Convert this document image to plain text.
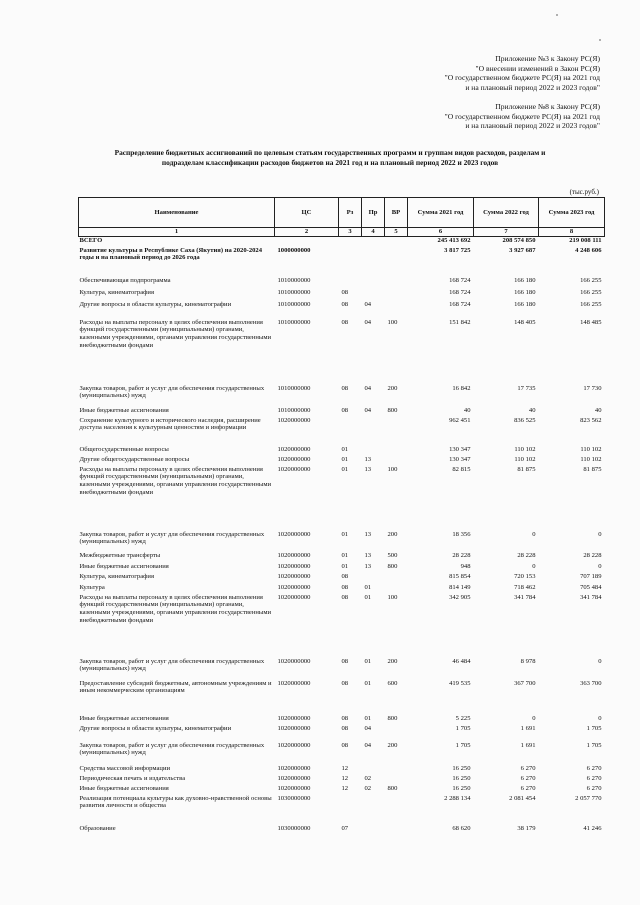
Приложение №3 к Закону РС(Я)
"О внесении изменений в Закон РС(Я)
"О государственном бюджете РС(Я) на 2021 год
и на плановый период 2022 и 2023 годов"
Приложение №8 к Закону РС(Я)
"О государственном бюджете РС(Я) на 2021 год
и на плановый период 2022 и 2023 годов"
Распределение бюджетных ассигнований по целевым статьям государственных программ и группам видов расходов, разделам и
подразделам классификации расходов бюджетов на 2021 год и на плановый период 2022 и 2023 годов
(тыс.руб.)
Наименование	ЦС	Рз	Пр	ВР	Сумма 2021 год	Сумма 2022 год	Сумма 2023 год
1	2	3	4	5	6	7	8
ВСЕГО					245 413 692	208 574 850	219 008 111
Развитие культуры в Республике Саха (Якутия) на 2020-2024 годы и на плановый период до 2026 года	1000000000				3 817 725	3 927 687	4 248 606
Обеспечивающая подпрограмма	1010000000				168 724	166 180	166 255
Культура, кинематография	1010000000	08			168 724	166 180	166 255
Другие вопросы в области культуры, кинематографии	1010000000	08	04		168 724	166 180	166 255
Расходы на выплаты персоналу в целях обеспечения выполнения функций государственными (муниципальными) органами, казенными учреждениями, органами управления государственными внебюджетными фондами	1010000000	08	04	100	151 842	148 405	148 485
Закупка товаров, работ и услуг для обеспечения государственных (муниципальных) нужд	1010000000	08	04	200	16 842	17 735	17 730
Иные бюджетные ассигнования	1010000000	08	04	800	40	40	40
Сохранение культурного и исторического наследия, расширение доступа населения к культурным ценностям и информации	1020000000				962 451	836 525	823 562
Общегосударственные вопросы	1020000000	01			130 347	110 102	110 102
Другие общегосударственные вопросы	1020000000	01	13		130 347	110 102	110 102
Расходы на выплаты персоналу в целях обеспечения выполнения функций государственными (муниципальными) органами, казенными учреждениями, органами управления государственными внебюджетными фондами	1020000000	01	13	100	82 815	81 875	81 875
Закупка товаров, работ и услуг для обеспечения государственных (муниципальных) нужд	1020000000	01	13	200	18 356	0	0
Межбюджетные трансферты	1020000000	01	13	500	28 228	28 228	28 228
Иные бюджетные ассигнования	1020000000	01	13	800	948	0	0
Культура, кинематография	1020000000	08			815 854	720 153	707 189
Культура	1020000000	08	01		814 149	718 462	705 484
Расходы на выплаты персоналу в целях обеспечения выполнения функций государственными (муниципальными) органами, казенными учреждениями, органами управления государственными внебюджетными фондами	1020000000	08	01	100	342 905	341 784	341 784
Закупка товаров, работ и услуг для обеспечения государственных (муниципальных) нужд	1020000000	08	01	200	46 484	8 978	0
Предоставление субсидий бюджетным, автономным учреждениям и иным некоммерческим организациям	1020000000	08	01	600	419 535	367 700	363 700
Иные бюджетные ассигнования	1020000000	08	01	800	5 225	0	0
Другие вопросы в области культуры, кинематографии	1020000000	08	04		1 705	1 691	1 705
Закупка товаров, работ и услуг для обеспечения государственных (муниципальных) нужд	1020000000	08	04	200	1 705	1 691	1 705
Средства массовой информации	1020000000	12			16 250	6 270	6 270
Периодическая печать и издательства	1020000000	12	02		16 250	6 270	6 270
Иные бюджетные ассигнования	1020000000	12	02	800	16 250	6 270	6 270
Реализация потенциала культуры как духовно-нравственной основы развития личности и общества	1030000000				2 288 134	2 081 454	2 057 770
Образование	1030000000	07			68 620	38 179	41 246
